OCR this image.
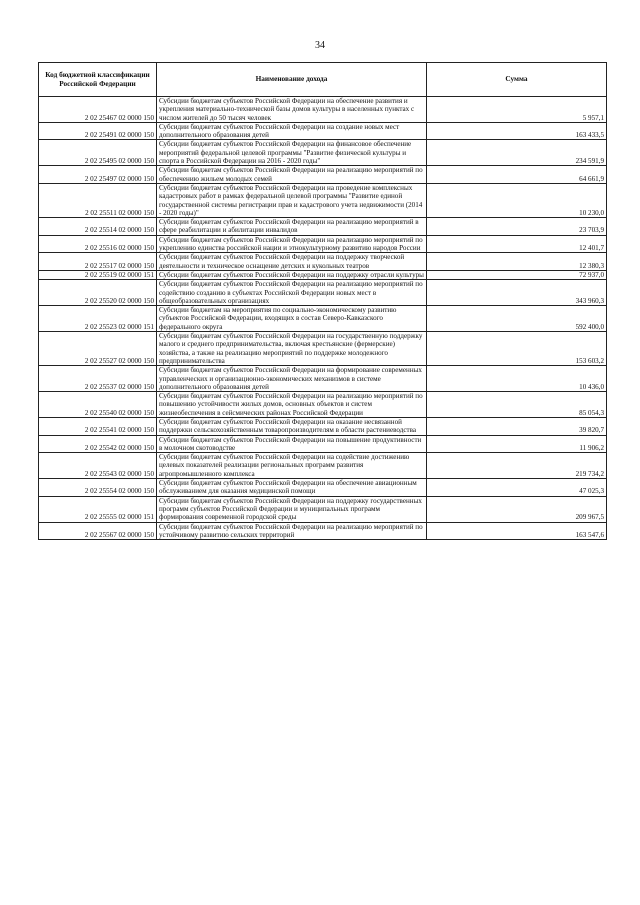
34
Код бюджетной классификации Российской Федерации	Наименование дохода	Сумма
2 02 25467 02 0000 150	Субсидии бюджетам субъектов Российской Федерации на обеспечение развития и укрепления материально-технической базы домов культуры в населенных пунктах с числом жителей до 50 тысяч человек	5 957,1
2 02 25491 02 0000 150	Субсидии бюджетам субъектов Российской Федерации на создание новых мест дополнительного образования детей	163 433,5
2 02 25495 02 0000 150	Субсидии бюджетам субъектов Российской Федерации на финансовое обеспечение мероприятий федеральной целевой программы "Развитие физической культуры и спорта в Российской Федерации на 2016 - 2020 годы"	234 591,9
2 02 25497 02 0000 150	Субсидии бюджетам субъектов Российской Федерации на реализацию мероприятий по обеспечению жильем молодых семей	64 661,9
2 02 25511 02 0000 150	Субсидии бюджетам субъектов Российской Федерации на проведение комплексных кадастровых работ в рамках федеральной целевой программы "Развитие единой государственной системы регистрации прав и кадастрового учета недвижимости (2014 - 2020 годы)"	10 230,0
2 02 25514 02 0000 150	Субсидии бюджетам субъектов Российской Федерации на реализацию мероприятий в сфере реабилитации и абилитации инвалидов	23 703,9
2 02 25516 02 0000 150	Субсидии бюджетам субъектов Российской Федерации на реализацию мероприятий по укреплению единства российской нации и этнокультурному развитию народов России	12 401,7
2 02 25517 02 0000 150	Субсидии бюджетам субъектов Российской Федерации на поддержку творческой деятельности и техническое оснащение детских и кукольных театров	12 380,3
2 02 25519 02 0000 151	Субсидии бюджетам субъектов Российской Федерации на поддержку отрасли культуры	72 937,0
2 02 25520 02 0000 150	Субсидии бюджетам субъектов Российской Федерации на реализацию мероприятий по содействию созданию в субъектах Российской Федерации новых мест в общеобразовательных организациях	343 960,3
2 02 25523 02 0000 151	Субсидии бюджетам на мероприятия по социально-экономическому развитию субъектов Российской Федерации, входящих в состав Северо-Кавказского федерального округа	592 400,0
2 02 25527 02 0000 150	Субсидии бюджетам субъектов Российской Федерации на государственную поддержку малого и среднего предпринимательства, включая крестьянские (фермерские) хозяйства, а также на реализацию мероприятий по поддержке молодежного предпринимательства	153 603,2
2 02 25537 02 0000 150	Субсидии бюджетам субъектов Российской Федерации на формирование современных управленческих и организационно-экономических механизмов в системе дополнительного образования детей	10 436,0
2 02 25540 02 0000 150	Субсидии бюджетам субъектов Российской Федерации на реализацию мероприятий по повышению устойчивости жилых домов, основных объектов и систем жизнеобеспечения в сейсмических районах Российской Федерации	85 054,3
2 02 25541 02 0000 150	Субсидии бюджетам субъектов Российской Федерации на оказание несвязанной поддержки сельскохозяйственным товаропроизводителям в области растениеводства	39 820,7
2 02 25542 02 0000 150	Субсидии бюджетам субъектов Российской Федерации на повышение продуктивности в молочном скотоводстве	11 906,2
2 02 25543 02 0000 150	Субсидии бюджетам субъектов Российской Федерации на содействие достижению целевых показателей реализации региональных программ развития агропромышленного комплекса	219 734,2
2 02 25554 02 0000 150	Субсидии бюджетам субъектов Российской Федерации на обеспечение авиационным обслуживанием для оказания медицинской помощи	47 025,3
2 02 25555 02 0000 151	Субсидии бюджетам субъектов Российской Федерации на поддержку государственных программ субъектов Российской Федерации и муниципальных программ формирования современной городской среды	209 967,5
2 02 25567 02 0000 150	Субсидии бюджетам субъектов Российской Федерации на реализацию мероприятий по устойчивому развитию сельских территорий	163 547,6
